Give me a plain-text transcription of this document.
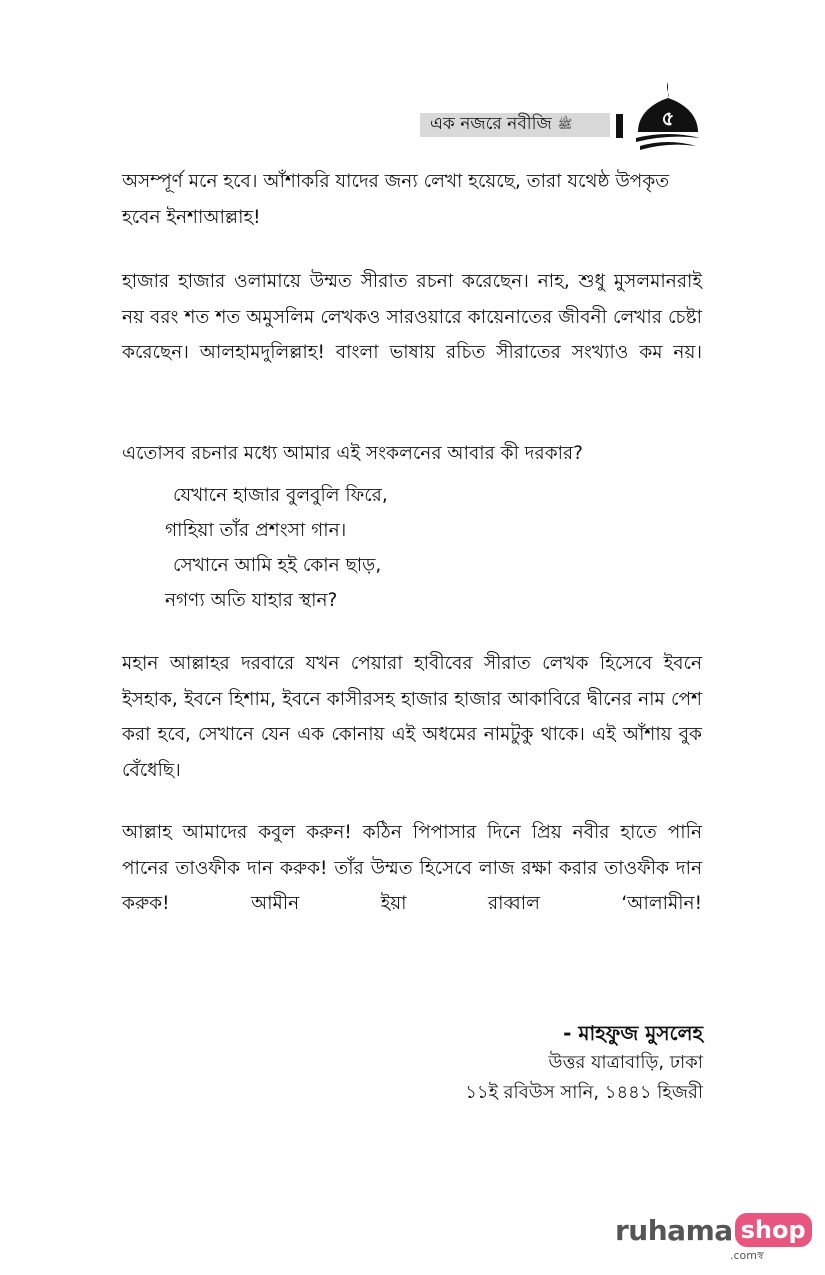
এক নজরে নবীজি ﷺ	৫

অসম্পূর্ণ মনে হবে। আঁশাকরি যাদের জন্য লেখা হয়েছে, তারা যথেষ্ঠ উপকৃত হবেন ইনশাআল্লাহ!

হাজার হাজার ওলামায়ে উম্মত সীরাত রচনা করেছেন। নাহ, শুধু মুসলমানরাই নয় বরং শত শত অমুসলিম লেখকও সারওয়ারে কায়েনাতের জীবনী লেখার চেষ্টা করেছেন। আলহামদুলিল্লাহ! বাংলা ভাষায় রচিত সীরাতের সংখ্যাও কম নয়।

এতোসব রচনার মধ্যে আমার এই সংকলনের আবার কী দরকার?

যেখানে হাজার বুলবুলি ফিরে,
গাহিয়া তাঁর প্রশংসা গান।
সেখানে আমি হই কোন ছাড়,
নগণ্য অতি যাহার স্থান?

মহান আল্লাহর দরবারে যখন পেয়ারা হাবীবের সীরাত লেখক হিসেবে ইবনে ইসহাক, ইবনে হিশাম, ইবনে কাসীরসহ হাজার হাজার আকাবিরে দ্বীনের নাম পেশ করা হবে, সেখানে যেন এক কোনায় এই অধমের নামটুকু থাকে। এই আঁশায় বুক বেঁধেছি।

আল্লাহ আমাদের কবুল করুন! কঠিন পিপাসার দিনে প্রিয় নবীর হাতে পানি পানের তাওফীক দান করুক! তাঁর উম্মত হিসেবে লাজ রক্ষা করার তাওফীক দান করুক! আমীন ইয়া রাব্বাল ‘আলামীন!

- মাহফুজ মুসলেহ
উত্তর যাত্রাবাড়ি, ঢাকা
১১ই রবিউস সানি, ১৪৪১ হিজরী
ruhama shop
.comস্ব
